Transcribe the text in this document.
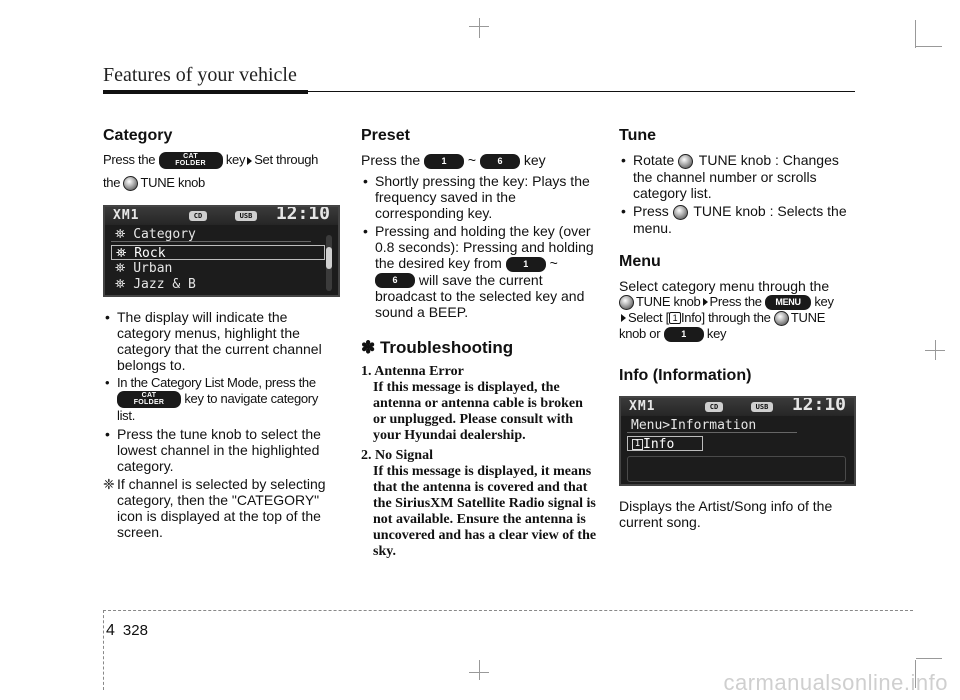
Features of your vehicle
Category

Press the	CAT
FOLDER key Set through

the TUNE knob

XM1	CD	USB 12:10
⛯ Category
⛯ Rock
⛯ Urban
⛯ Jazz & B
• The display will indicate the category menus, highlight the category that the current channel belongs to.
• In the Category List Mode, press the CAT
FOLDER key to navigate category list.
• Press the tune knob to select the lowest channel in the highlighted category.
❈ If channel is selected by selecting category, then the "CATEGORY" icon is displayed at the top of the screen.
Preset

Press the 1 ~ 6 key

• Shortly pressing the key: Plays the frequency saved in the corresponding key.
• Pressing and holding the key (over 0.8 seconds): Pressing and holding the desired key from 1 ~ 6 will save the current broadcast to the selected key and sound a BEEP.
✽ Troubleshooting
1. Antenna Error
If this message is displayed, the antenna or antenna cable is broken or unplugged. Please consult with your Hyundai dealership.
2. No Signal
If this message is displayed, it means that the antenna is covered and that the SiriusXM Satellite Radio signal is not available. Ensure the antenna is uncovered and has a clear view of the sky.
Tune
• Rotate TUNE knob : Changes the channel number or scrolls category list.
• Press TUNE knob : Selects the menu.
Menu

Select category menu through the

TUNE knob Press the MENU key

Select [ 1 Info] through the TUNE

knob or 1 key

Info (Information)
XM1	CD	USB 12:10
Menu>Information
1 Info

Displays the Artist/Song info of the current song.

4 328
carmanualsonline.info
